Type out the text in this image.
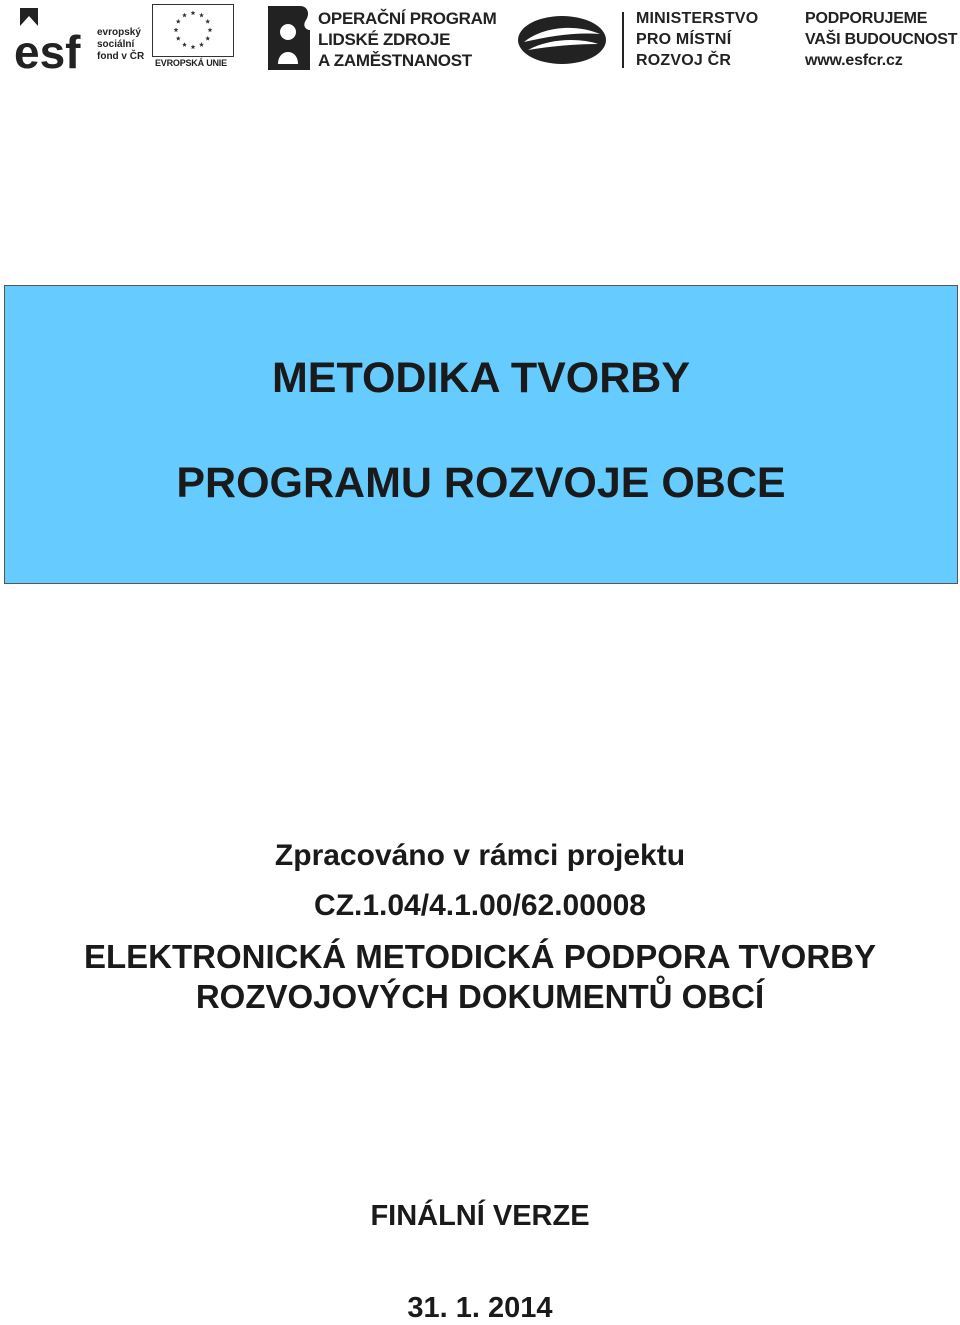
esf evropský
sociální
fond v ČR
EVROPSKÁ UNIE
OPERAČNÍ PROGRAM
LIDSKÉ ZDROJE
A ZAMĚSTNANOST
MINISTERSTVO
PRO MÍSTNÍ
ROZVOJ ČR
PODPORUJEME
VAŠI BUDOUCNOST
www.esfcr.cz
METODIKA TVORBY
PROGRAMU ROZVOJE OBCE
Zpracováno v rámci projektu
CZ.1.04/4.1.00/62.00008
ELEKTRONICKÁ METODICKÁ PODPORA TVORBY
ROZVOJOVÝCH DOKUMENTŮ OBCÍ
FINÁLNÍ VERZE
31. 1. 2014
